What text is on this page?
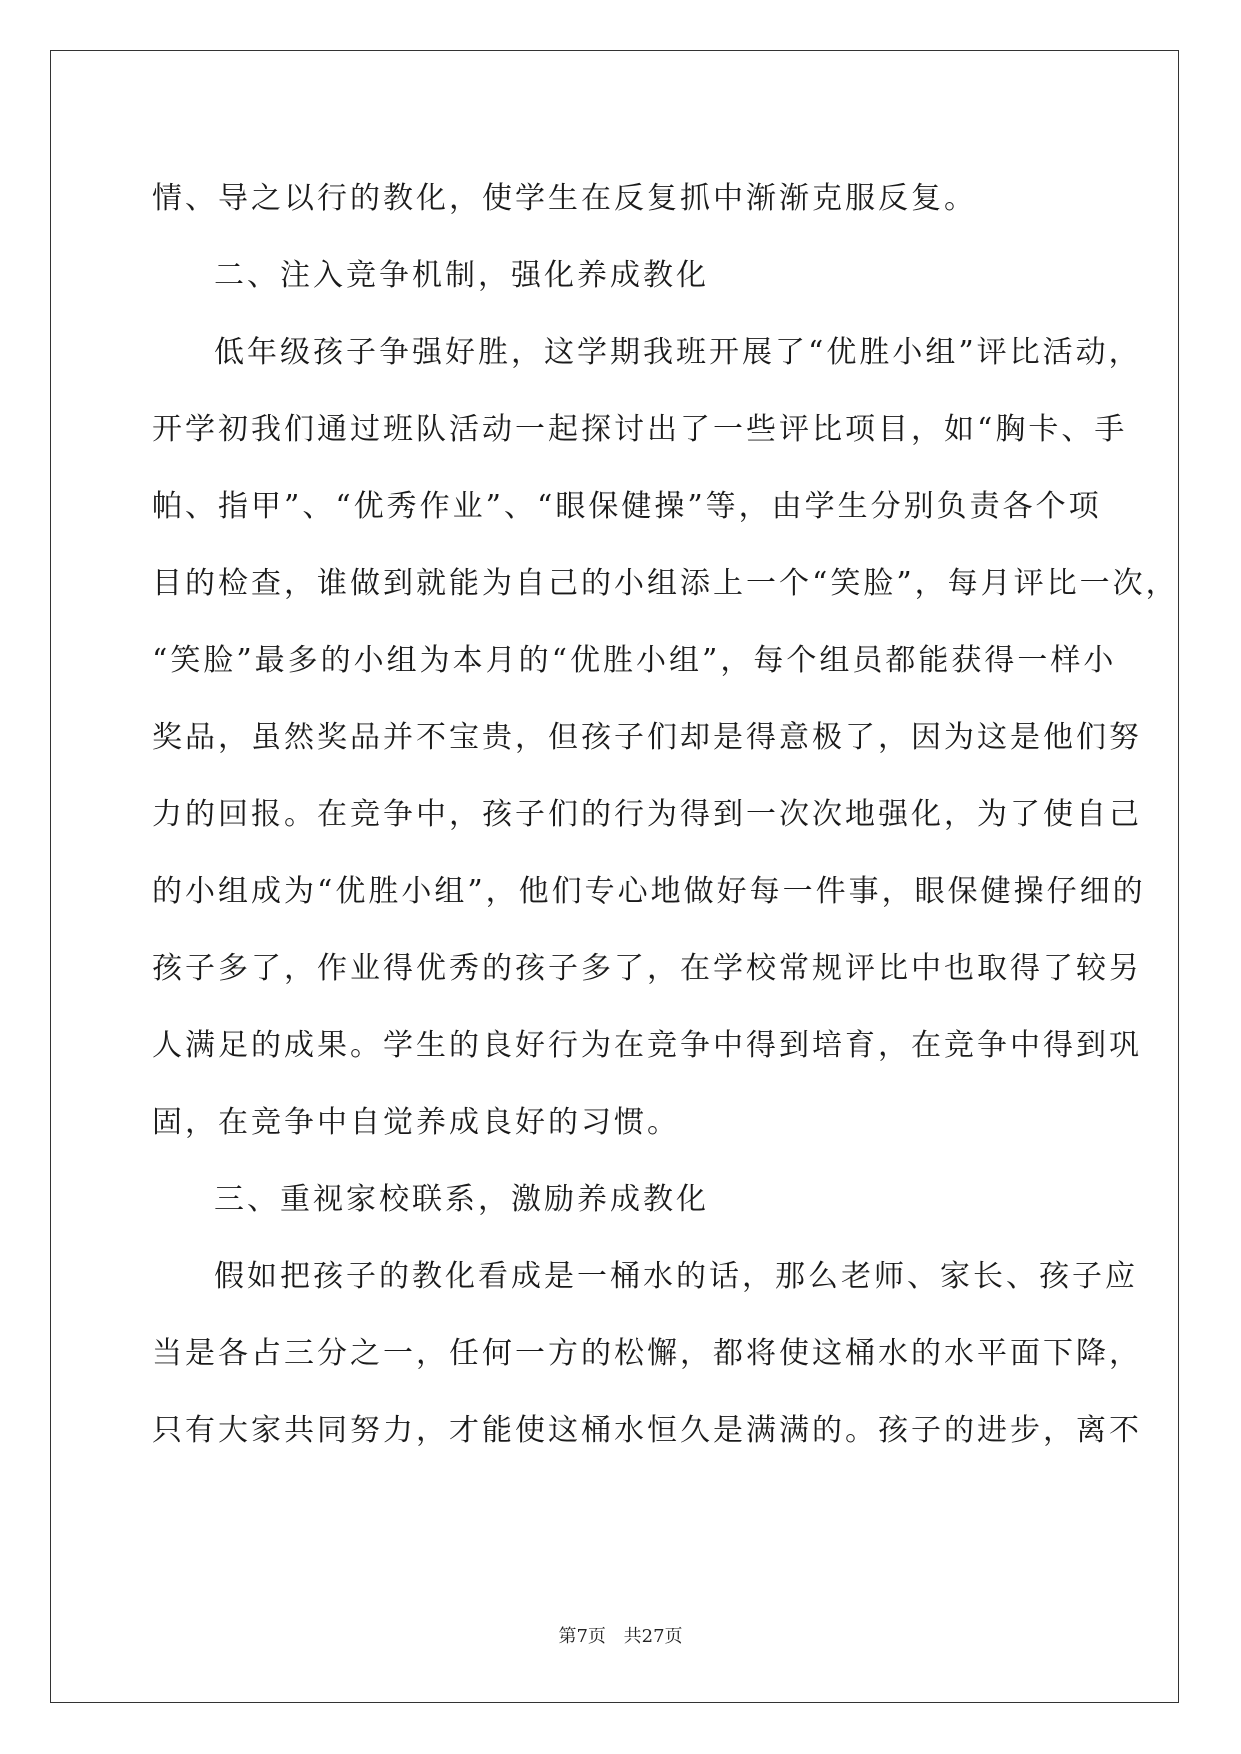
情、导之以行的教化，使学生在反复抓中渐渐克服反复。
二、注入竞争机制，强化养成教化
低年级孩子争强好胜，这学期我班开展了“优胜小组”评比活动，
开学初我们通过班队活动一起探讨出了一些评比项目，如“胸卡、手
帕、指甲”、“优秀作业”、“眼保健操”等，由学生分别负责各个项
目的检查，谁做到就能为自己的小组添上一个“笑脸”，每月评比一次，
“笑脸”最多的小组为本月的“优胜小组”，每个组员都能获得一样小
奖品，虽然奖品并不宝贵，但孩子们却是得意极了，因为这是他们努
力的回报。在竞争中，孩子们的行为得到一次次地强化，为了使自己
的小组成为“优胜小组”，他们专心地做好每一件事，眼保健操仔细的
孩子多了，作业得优秀的孩子多了，在学校常规评比中也取得了较另
人满足的成果。学生的良好行为在竞争中得到培育，在竞争中得到巩
固，在竞争中自觉养成良好的习惯。
三、重视家校联系，激励养成教化
假如把孩子的教化看成是一桶水的话，那么老师、家长、孩子应
当是各占三分之一，任何一方的松懈，都将使这桶水的水平面下降，
只有大家共同努力，才能使这桶水恒久是满满的。孩子的进步，离不
第7页 共27页
